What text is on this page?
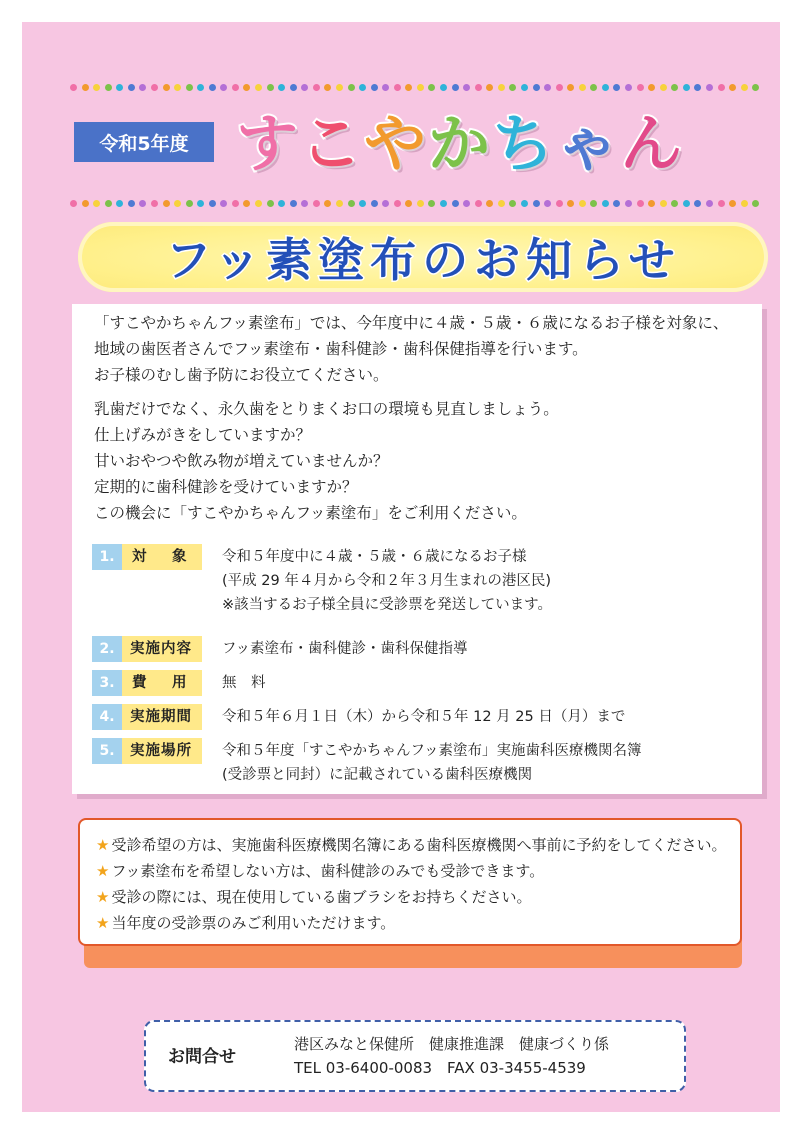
令和5年度 す こ や か ち ゃ ん
フッ素塗布のお知らせ

「すこやかちゃんフッ素塗布」では、今年度中に４歳・５歳・６歳になるお子様を対象に、

地域の歯医者さんでフッ素塗布・歯科健診・歯科保健指導を行います。

お子様のむし歯予防にお役立てください。

乳歯だけでなく、永久歯をとりまくお口の環境も見直しましょう。

仕上げみがきをしていますか？

甘いおやつや飲み物が増えていませんか？

定期的に歯科健診を受けていますか？

この機会に「すこやかちゃんフッ素塗布」をご利用ください。

1.	対　 象	令和５年度中に４歳・５歳・６歳になるお子様
(平成 29 年４月から令和２年３月生まれの港区民)
※該当するお子様全員に受診票を発送しています。
2.	実施内容	フッ素塗布・歯科健診・歯科保健指導
3.	費　 用	無　料
4.	実施期間	令和５年６月１日（木）から令和５年 12 月 25 日（月）まで
5.	実施場所	令和５年度「すこやかちゃんフッ素塗布」実施歯科医療機関名簿
(受診票と同封）に記載されている歯科医療機関
★ 受診希望の方は、実施歯科医療機関名簿にある歯科医療機関へ事前に予約をしてください。
★ フッ素塗布を希望しない方は、歯科健診のみでも受診できます。
★ 受診の際には、現在使用している歯ブラシをお持ちください。
★ 当年度の受診票のみご利用いただけます。
お問合せ
港区みなと保健所　健康推進課　健康づくり係
TEL 03-6400-0083　FAX 03-3455-4539
